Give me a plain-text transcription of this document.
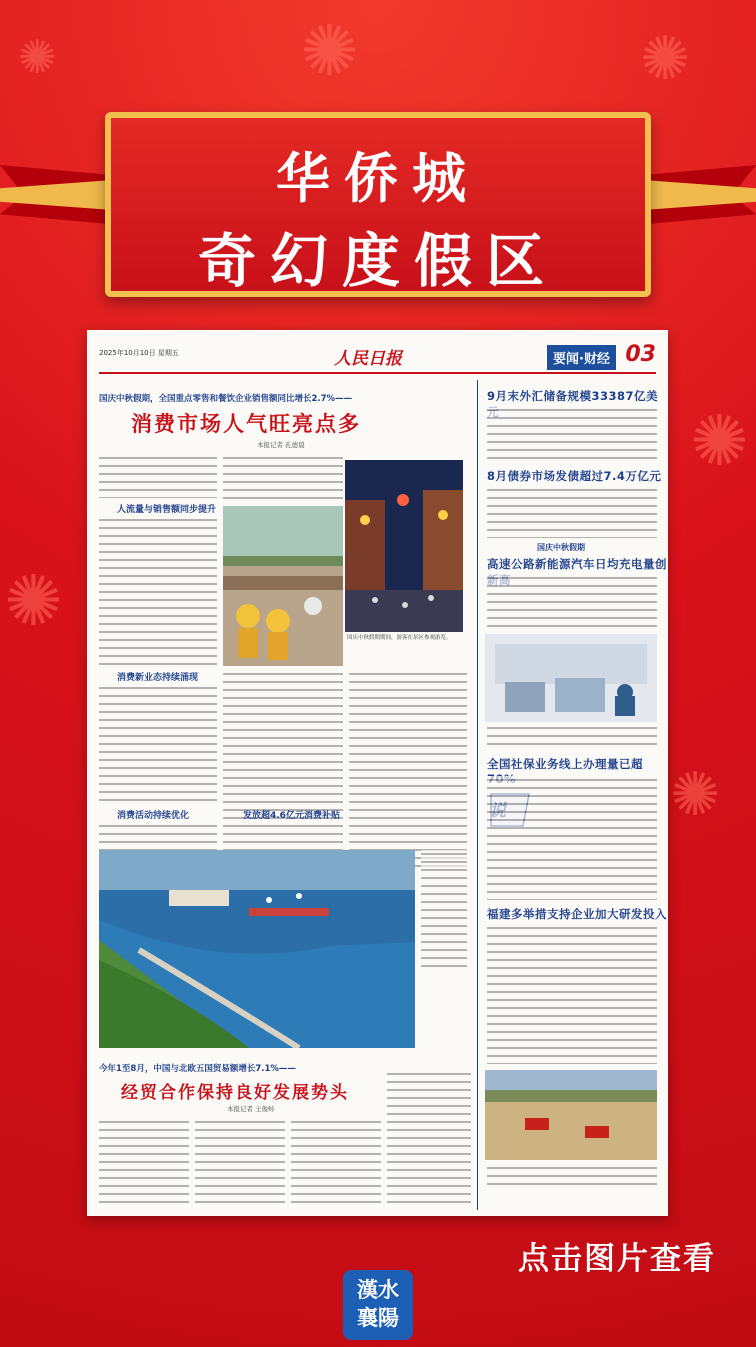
✺	✺	✺
✺
✺
✺
华侨城
奇幻度假区
2025年10月10日 星期五	人民日报	要闻·财经 03
国庆中秋假期，全国重点零售和餐饮企业销售额同比增长2.7%——
消费市场人气旺亮点多
本报记者 孔德晨
人流量与销售额同步提升
消费新业态持续涌现
消费活动持续优化
国庆中秋假期期间，游客在景区参观游览。
发放超4.6亿元消费补贴
今年1至8月，中国与北欧五国贸易额增长7.1%——
经贸合作保持良好发展势头
本报记者 王俊岭
9月末外汇储备规模33387亿美
8月债券市场发债超过7.4万亿元
国庆中秋假期
高速公路新能源汽车日均充电量创
全国社保业务线上办理量已超
福建多举措支持企业加大研发投入
点击图片查看
漢水
襄陽
